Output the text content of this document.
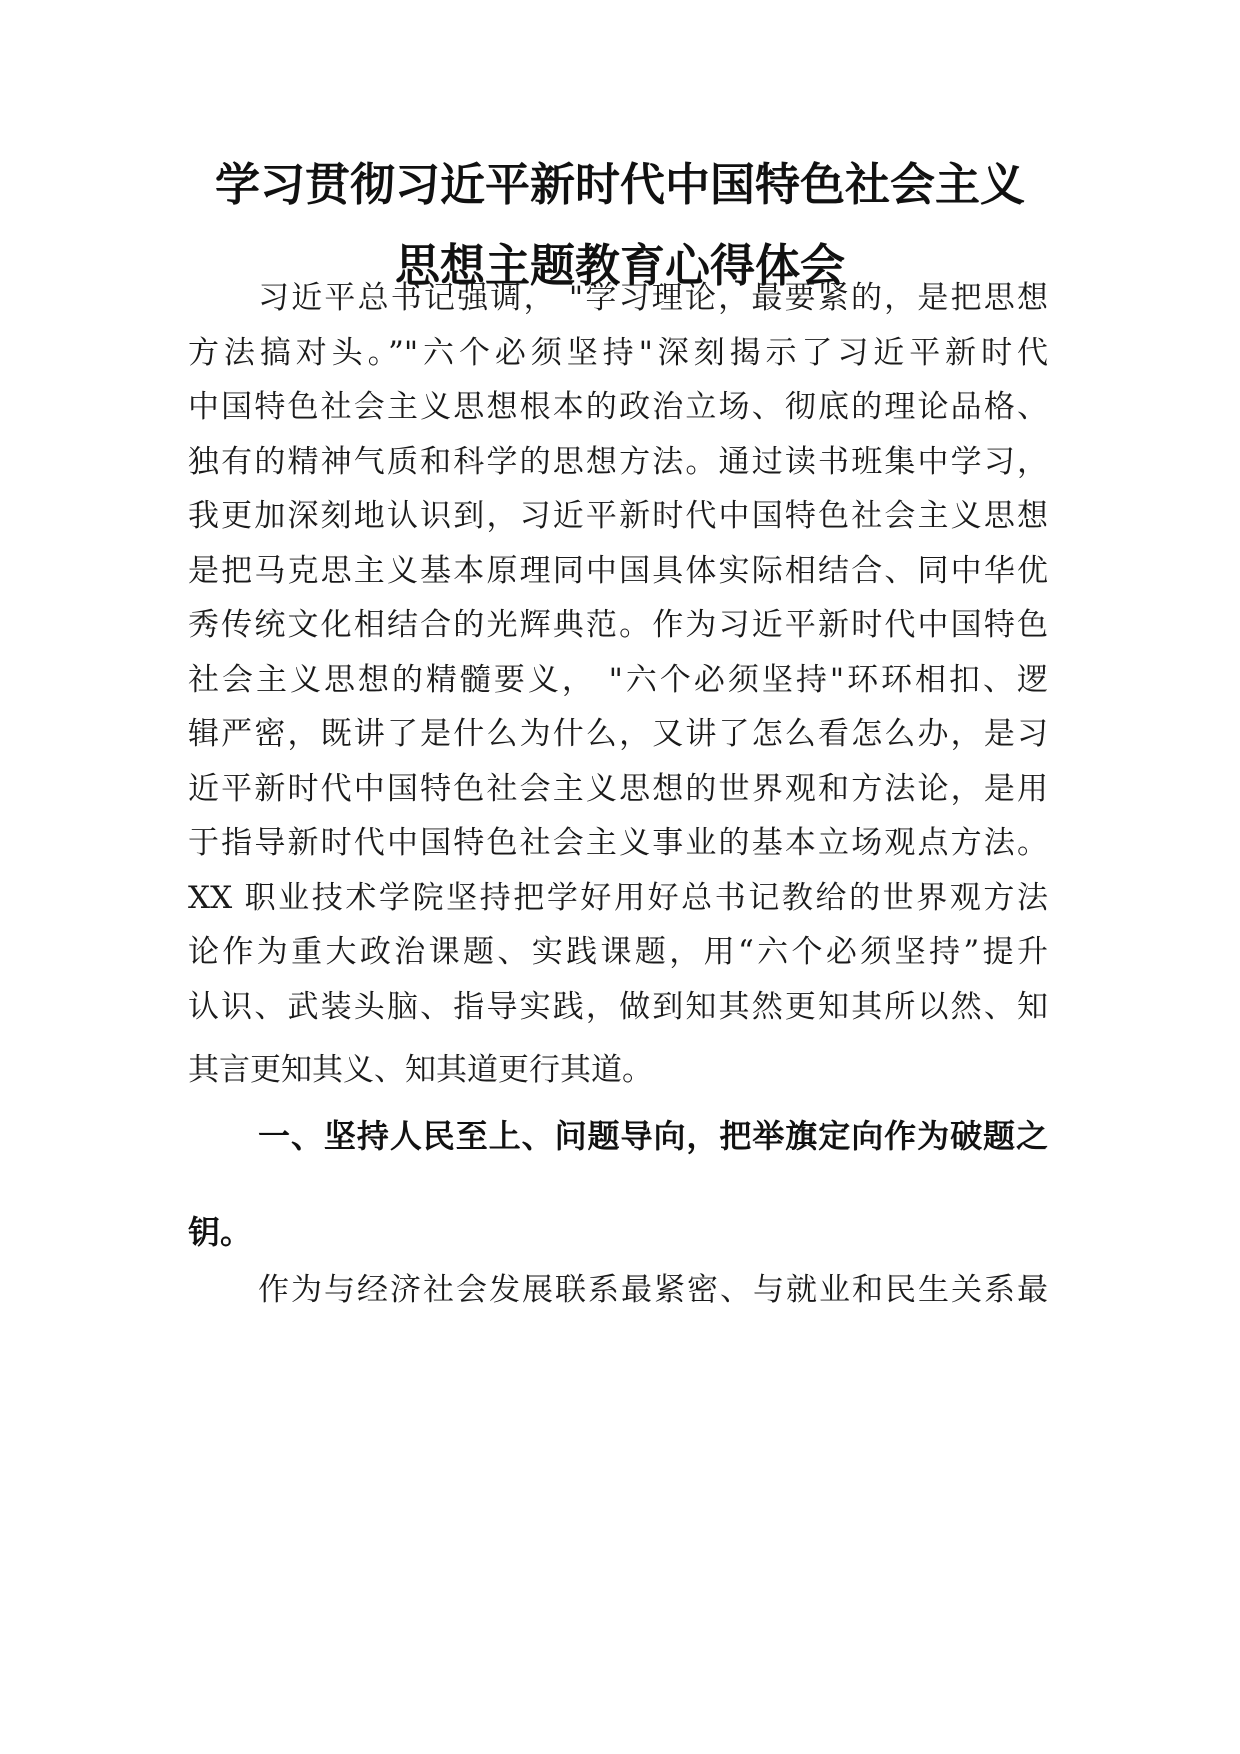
学习贯彻习近平新时代中国特色社会主义
思想主题教育心得体会
习近平总书记强调， "学习理论，最要紧的，是把思想
方法搞对头。”"六个必须坚持"深刻揭示了习近平新时代
中国特色社会主义思想根本的政治立场、彻底的理论品格、
独有的精神气质和科学的思想方法。通过读书班集中学习，
我更加深刻地认识到，习近平新时代中国特色社会主义思想
是把马克思主义基本原理同中国具体实际相结合、同中华优
秀传统文化相结合的光辉典范。作为习近平新时代中国特色
社会主义思想的精髓要义， "六个必须坚持"环环相扣、逻
辑严密，既讲了是什么为什么，又讲了怎么看怎么办，是习
近平新时代中国特色社会主义思想的世界观和方法论，是用
于指导新时代中国特色社会主义事业的基本立场观点方法。
XX 职业技术学院坚持把学好用好总书记教给的世界观方法
论作为重大政治课题、实践课题，用“六个必须坚持”提升
认识、武装头脑、指导实践，做到知其然更知其所以然、知
其言更知其义、知其道更行其道。
一、坚持人民至上、问题导向，把举旗定向作为破题之
钥。
作为与经济社会发展联系最紧密、与就业和民生关系最
